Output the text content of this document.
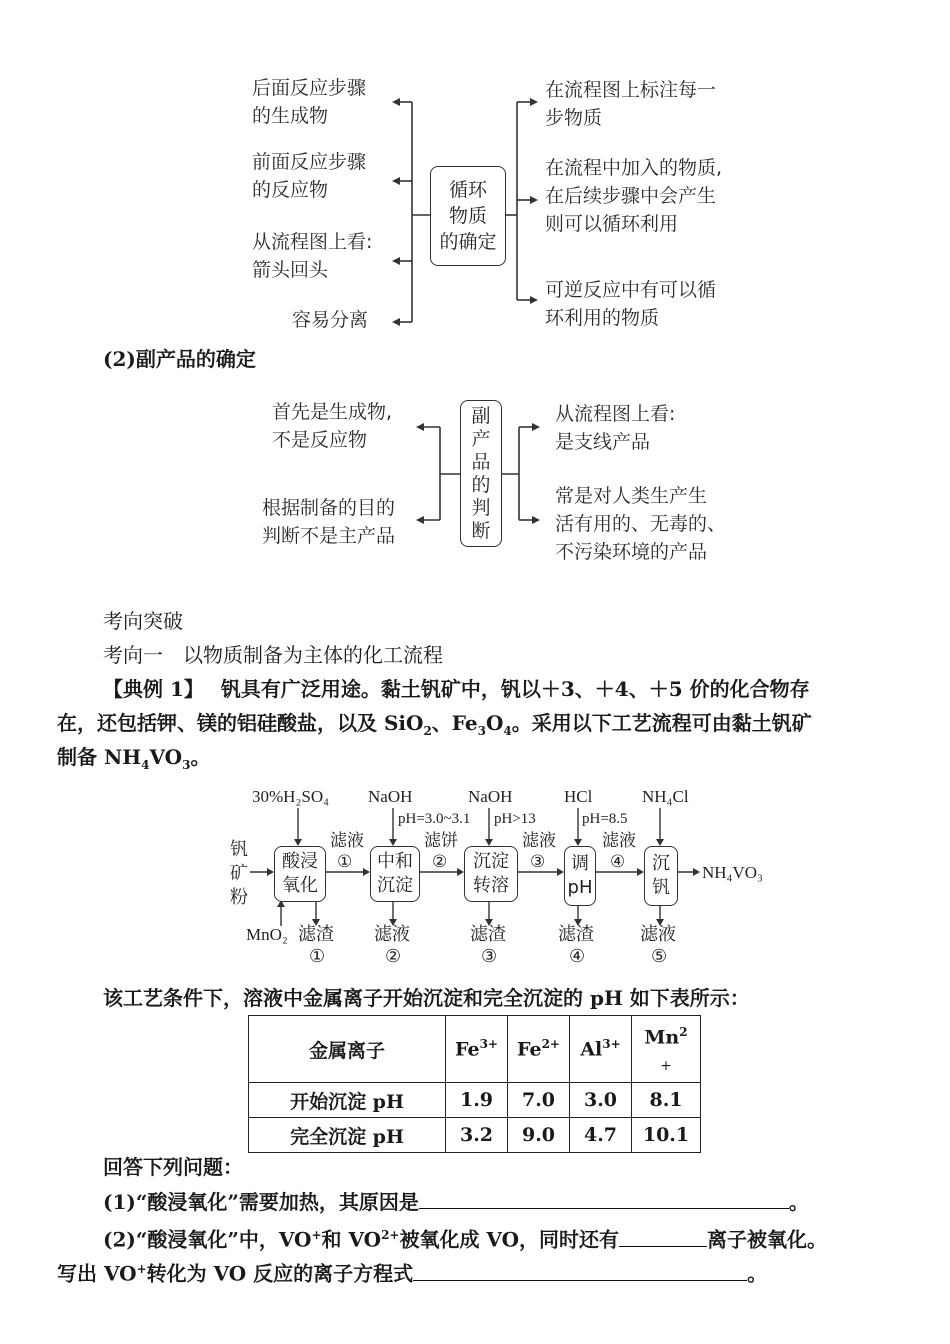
循环
物质
的确定
后面反应步骤
的生成物
前面反应步骤
的反应物
从流程图上看:
箭头回头
容易分离
在流程图上标注每一
步物质
在流程中加入的物质,
在后续步骤中会产生
则可以循环利用
可逆反应中有可以循
环利用的物质
(2)副产品的确定
副
产
品
的
判
断
首先是生成物,
不是反应物
根据制备的目的
判断不是主产品
从流程图上看:
是支线产品
常是对人类生产生
活有用的、无毒的、
不污染环境的产品
考向突破
考向一　以物质制备为主体的化工流程
【典例 1】 钒具有广泛用途。黏土钒矿中，钒以＋3、＋4、＋5 价的化合物存
在，还包括钾、镁的铝硅酸盐，以及 SiO$_2$、$Fe_3O_4$。采用以下工艺流程可由黏土钒矿
制备 $NH_4VO_3$。
钒
矿
粉
酸浸
氧化
中和
沉淀
沉淀
转溶
调
pH
沉
钒
30%H₂SO₄ NaOH	NaOH	HCl	NH₄Cl
pH=3.0~3.1 pH>13	pH=8.5
滤液
①
滤饼
②
滤液
③
滤液
④
NH₄VO₃
MnO₂ 滤渣
①
滤液
②
滤渣
③
滤渣
④
滤液
⑤
该工艺条件下，溶液中金属离子开始沉淀和完全沉淀的 pH 如下表所示：
金属离子	$Fe^{3+}$	$Fe^{2+}$	$Al^{3+}$	$Mn^2$
+
开始沉淀 pH	1.9	7.0	3.0	8.1
完全沉淀 pH	3.2	9.0	4.7	10.1
回答下列问题：
(1)“酸浸氧化”需要加热，其原因是	。
(2)“酸浸氧化”中，VO+和 $VO^{2+}$被氧化成 VO，同时还有	离子被氧化。
写出 VO+转化为 VO 反应的离子方程式	。
